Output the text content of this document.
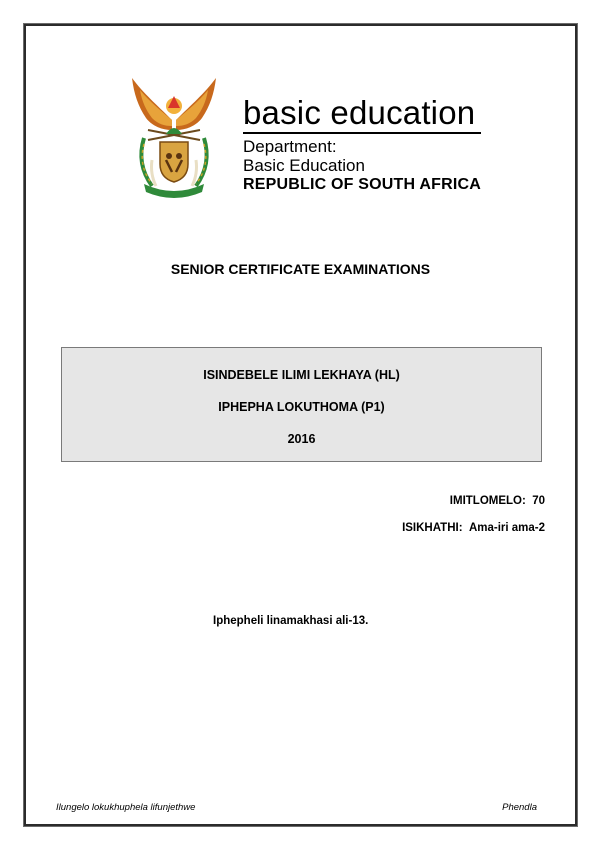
basic education
Department:
Basic Education
REPUBLIC OF SOUTH AFRICA
SENIOR CERTIFICATE EXAMINATIONS
ISINDEBELE ILIMI LEKHAYA (HL)
IPHEPHA LOKUTHOMA (P1)
2016
IMITLOMELO: 70
ISIKHATHI: Ama-iri ama-2
Iphepheli linamakhasi ali-13.
Ilungelo lokukhuphela lifunjethwe	Phendla
